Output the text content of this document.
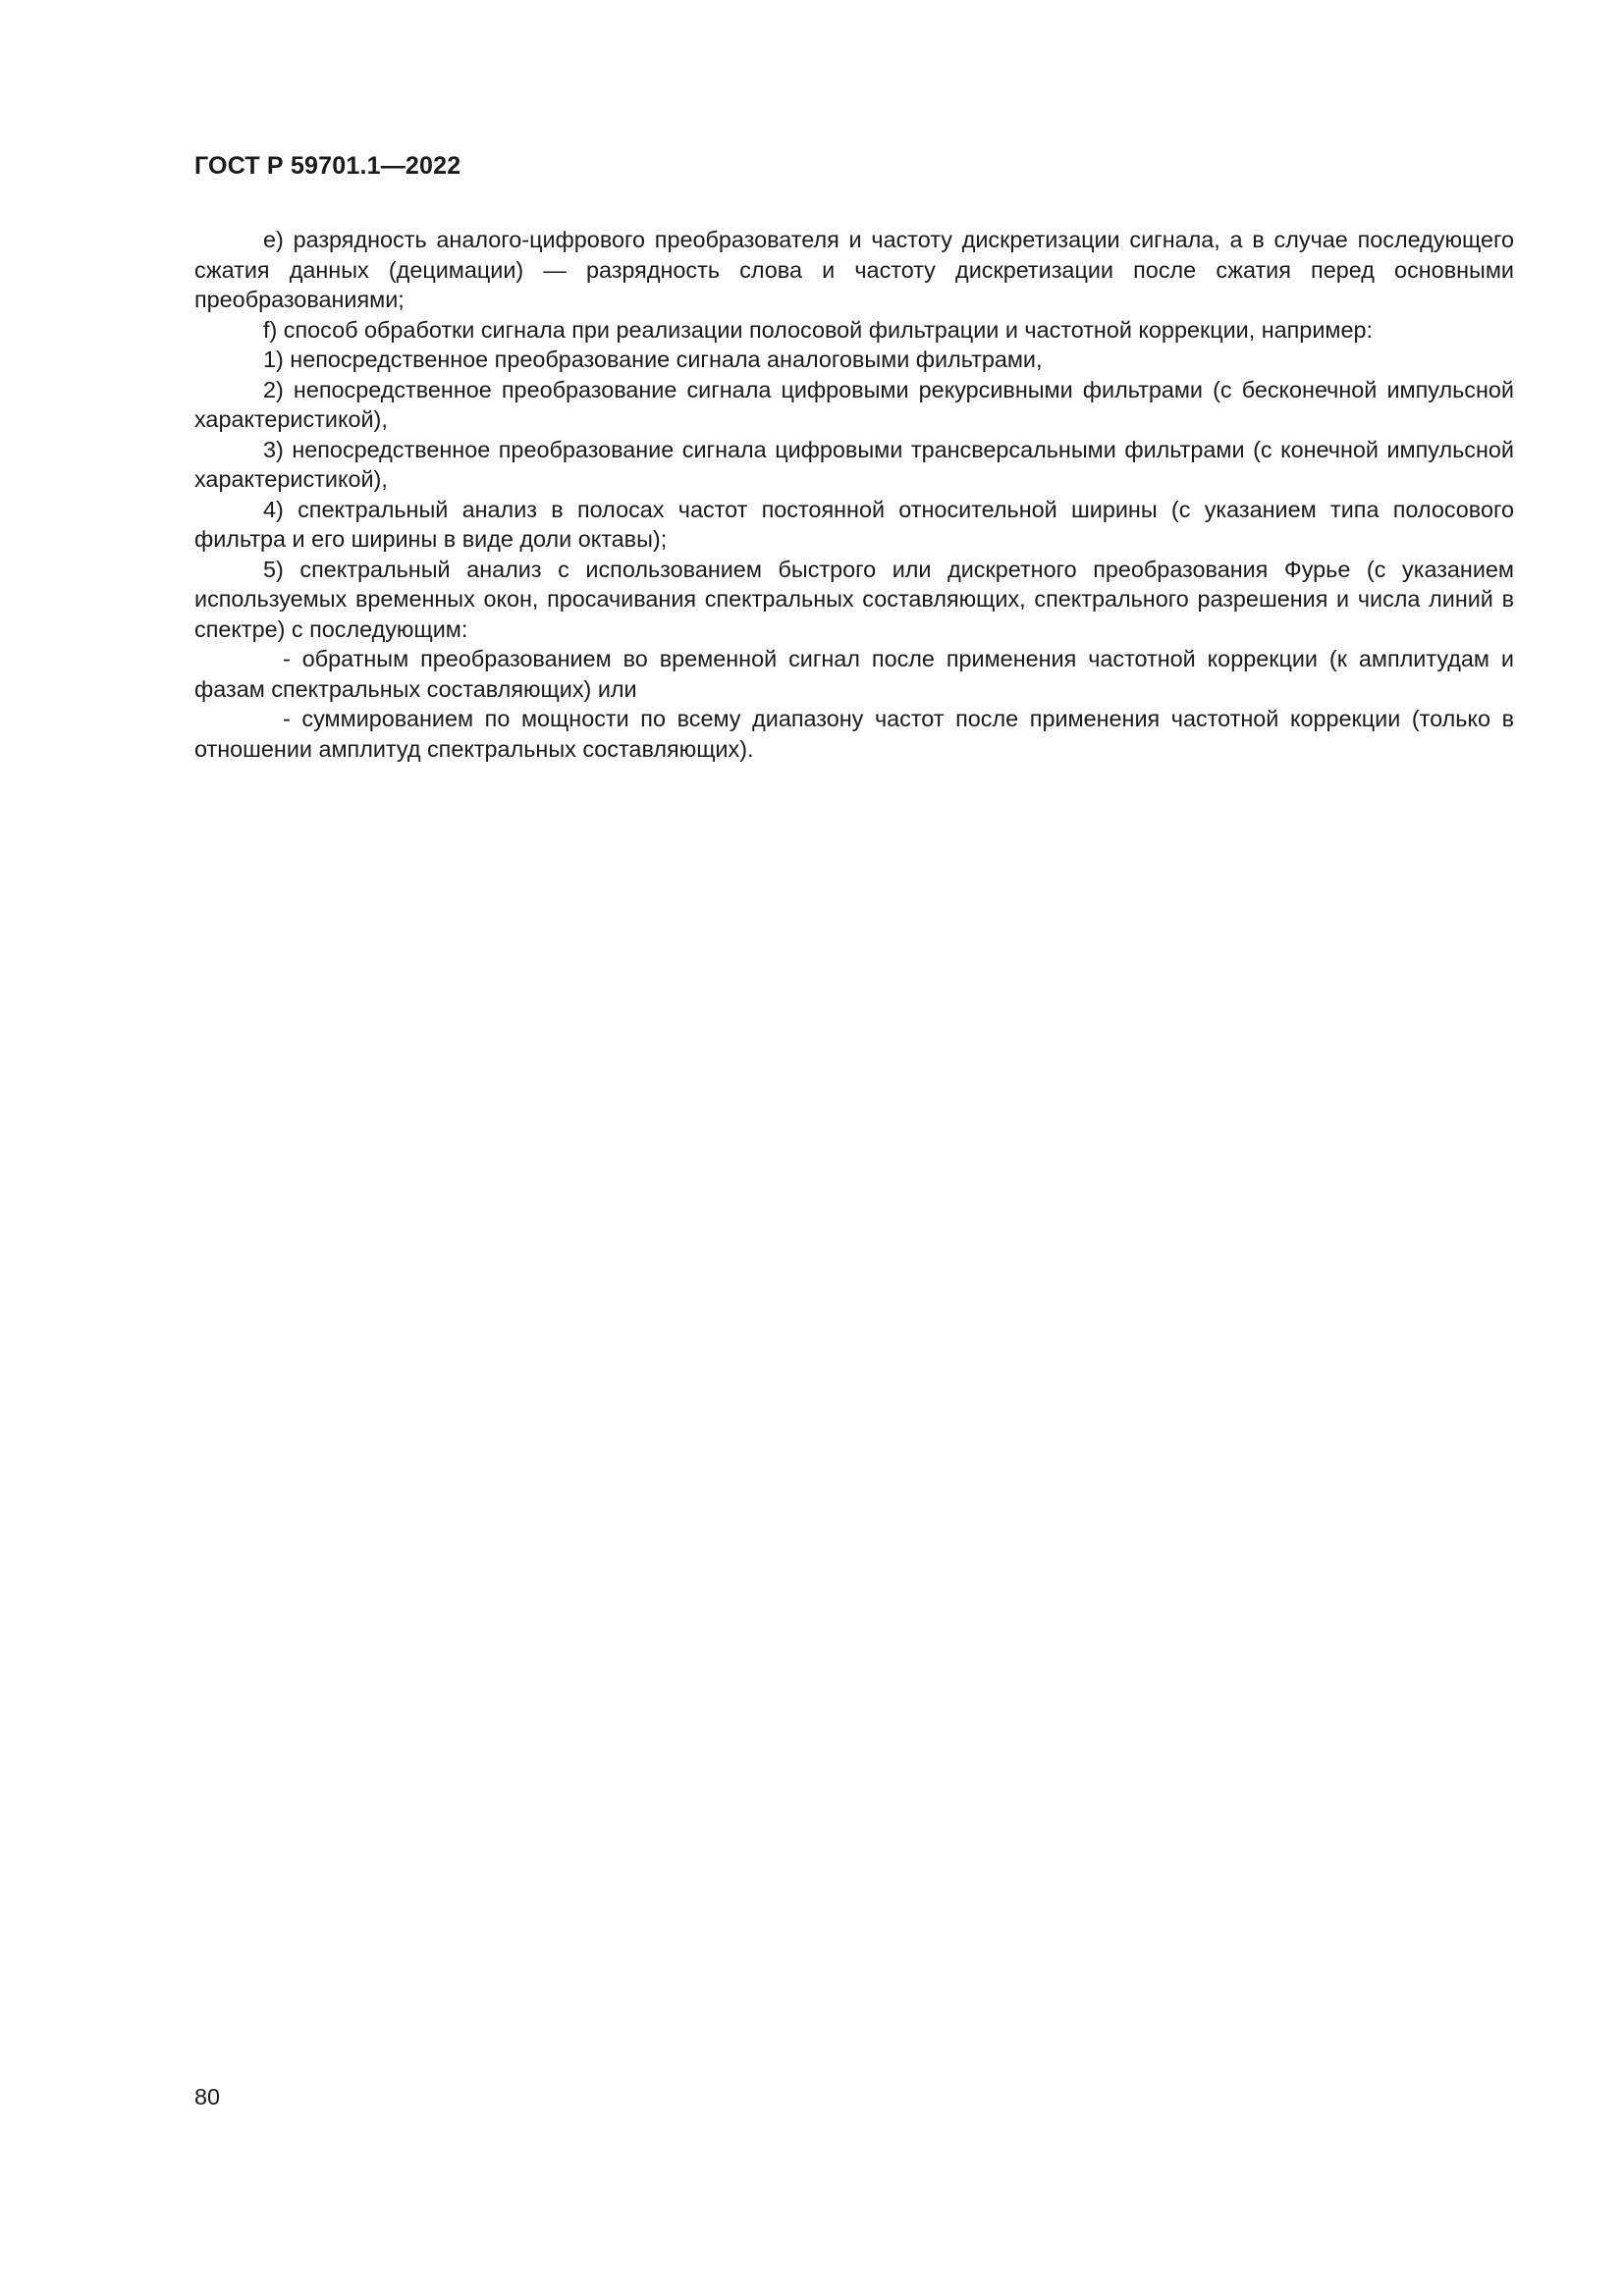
ГОСТ Р 59701.1—2022

е) разрядность аналого-цифрового преобразователя и частоту дискретизации сигнала, а в случае последующего сжатия данных (децимации) — разрядность слова и частоту дискретизации после сжатия перед основными преобразованиями;

f) способ обработки сигнала при реализации полосовой фильтрации и частотной коррекции, например:

1) непосредственное преобразование сигнала аналоговыми фильтрами,

2) непосредственное преобразование сигнала цифровыми рекурсивными фильтрами (с бесконечной импульсной характеристикой),

3) непосредственное преобразование сигнала цифровыми трансверсальными фильтрами (с конечной импульсной характеристикой),

4) спектральный анализ в полосах частот постоянной относительной ширины (с указанием типа полосового фильтра и его ширины в виде доли октавы);

5) спектральный анализ с использованием быстрого или дискретного преобразования Фурье (с указанием используемых временных окон, просачивания спектральных составляющих, спектрального разрешения и числа линий в спектре) с последующим:

- обратным преобразованием во временной сигнал после применения частотной коррекции (к амплитудам и фазам спектральных составляющих) или

- суммированием по мощности по всему диапазону частот после применения частотной коррекции (только в отношении амплитуд спектральных составляющих).

80
